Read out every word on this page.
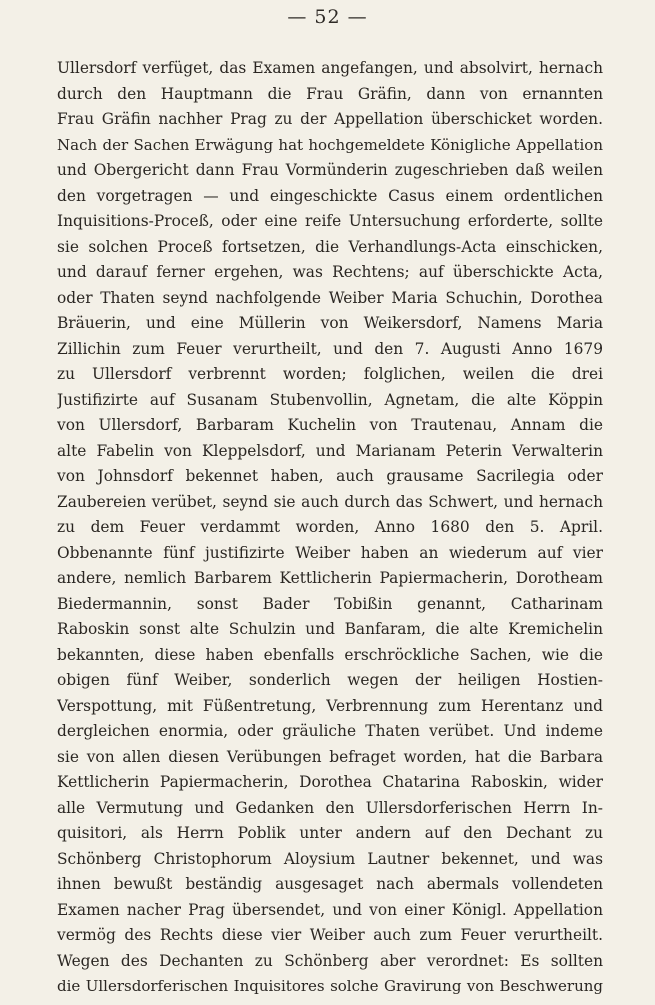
— 52 —
Ullersdorf verfüget, das Examen angefangen, und absolvirt, hernach
durch den Hauptmann die Frau Gräfin, dann von ernannten
Frau Gräfin nachher Prag zu der Appellation überschicket worden.
Nach der Sachen Erwägung hat hochgemeldete Königliche Appellation
und Obergericht dann Frau Vormünderin zugeschrieben daß weilen
den vorgetragen — und eingeschickte Casus einem ordentlichen
Inquisitions-Proceß, oder eine reife Untersuchung erforderte, sollte
sie solchen Proceß fortsetzen, die Verhandlungs-Acta einschicken,
und darauf ferner ergehen, was Rechtens; auf überschickte Acta,
oder Thaten seynd nachfolgende Weiber Maria Schuchin, Dorothea
Bräuerin, und eine Müllerin von Weikersdorf, Namens Maria
Zillichin zum Feuer verurtheilt, und den 7. Augusti Anno 1679
zu Ullersdorf verbrennt worden; folglichen, weilen die drei
Justifizirte auf Susanam Stubenvollin, Agnetam, die alte Köppin
von Ullersdorf, Barbaram Kuchelin von Trautenau, Annam die
alte Fabelin von Kleppelsdorf, und Marianam Peterin Verwalterin
von Johnsdorf bekennet haben, auch grausame Sacrilegia oder
Zaubereien verübet, seynd sie auch durch das Schwert, und hernach
zu dem Feuer verdammt worden, Anno 1680 den 5. April.
Obbenannte fünf justifizirte Weiber haben an wiederum auf vier
andere, nemlich Barbarem Kettlicherin Papiermacherin, Dorotheam
Biedermannin, sonst Bader Tobißin genannt, Catharinam
Raboskin sonst alte Schulzin und Banfaram, die alte Kremichelin
bekannten, diese haben ebenfalls erschröckliche Sachen, wie die
obigen fünf Weiber, sonderlich wegen der heiligen Hostien-
Verspottung, mit Füßentretung, Verbrennung zum Herentanz und
dergleichen enormia, oder gräuliche Thaten verübet. Und indeme
sie von allen diesen Verübungen befraget worden, hat die Barbara
Kettlicherin Papiermacherin, Dorothea Chatarina Raboskin, wider
alle Vermutung und Gedanken den Ullersdorferischen Herrn In-
quisitori, als Herrn Poblik unter andern auf den Dechant zu
Schönberg Christophorum Aloysium Lautner bekennet, und was
ihnen bewußt beständig ausgesaget nach abermals vollendeten
Examen nacher Prag übersendet, und von einer Königl. Appellation
vermög des Rechts diese vier Weiber auch zum Feuer verurtheilt.
Wegen des Dechanten zu Schönberg aber verordnet: Es sollten
die Ullersdorferischen Inquisitores solche Gravirung von Beschwerung
